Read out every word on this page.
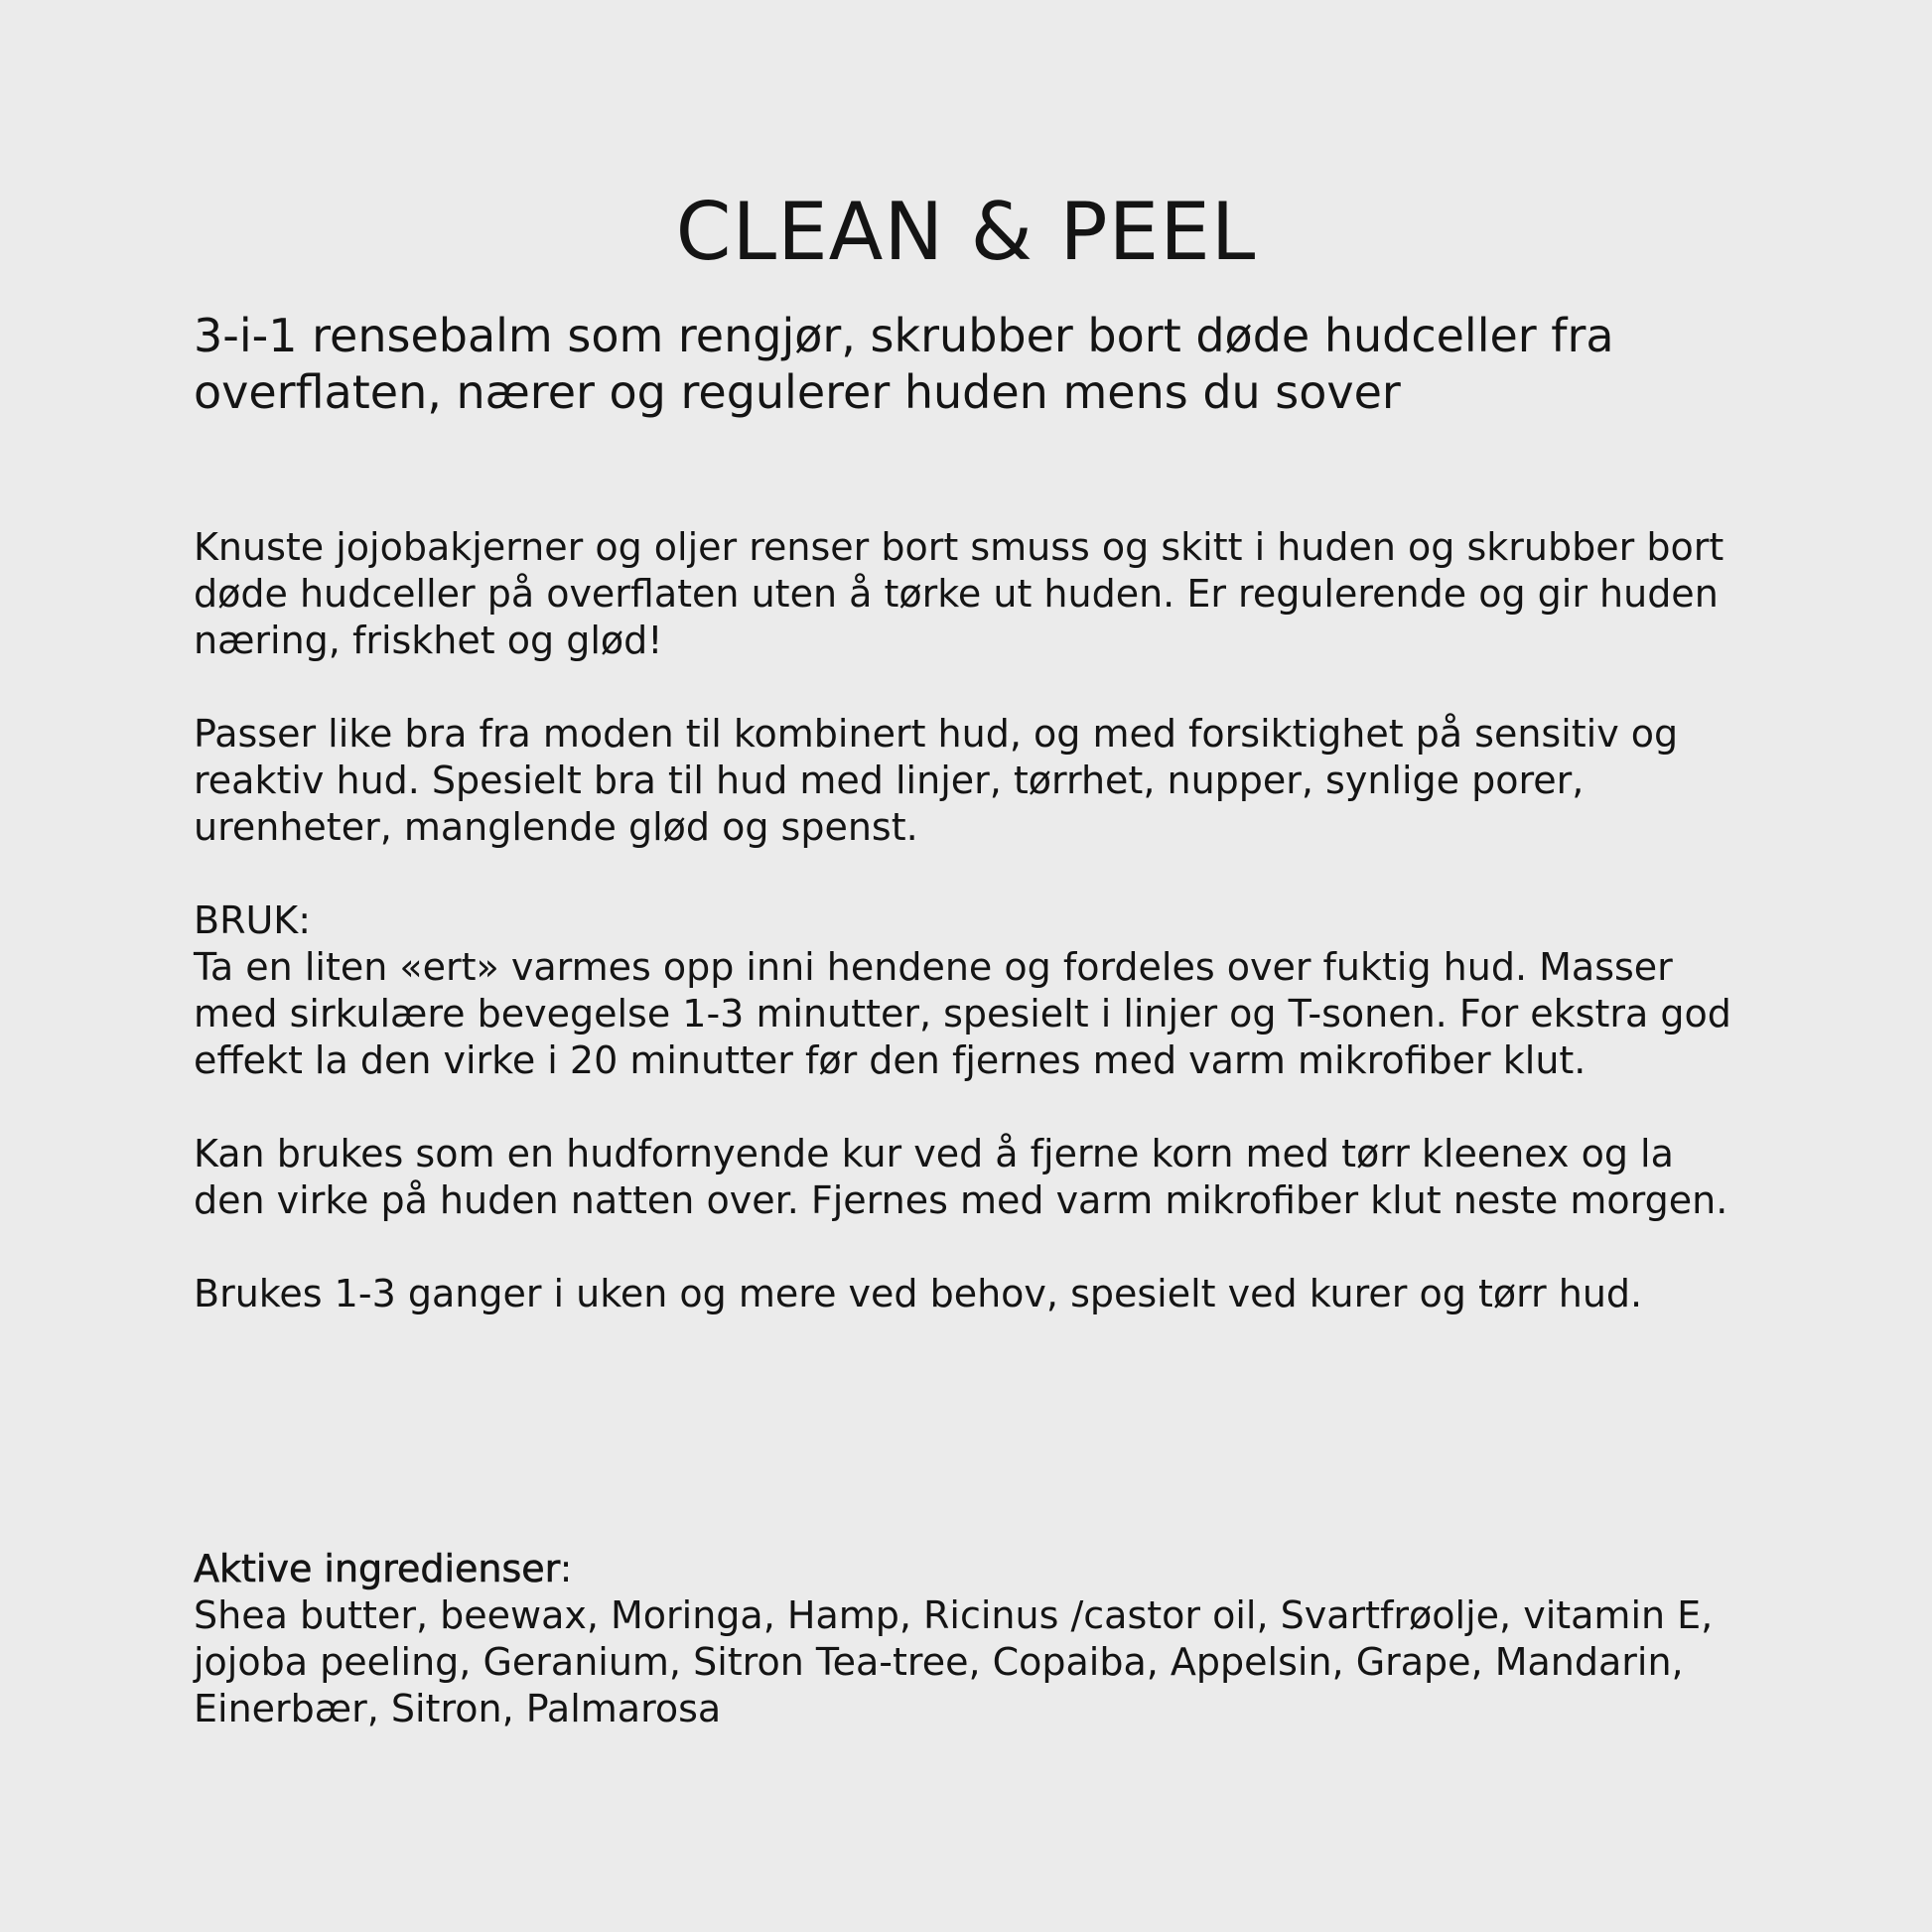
CLEAN & PEEL
3-i-1 rensebalm som rengjør, skrubber bort døde hudceller fra overflaten, nærer og regulerer huden mens du sover

Knuste jojobakjerner og oljer renser bort smuss og skitt i huden og skrubber bort døde hudceller på overflaten uten å tørke ut huden. Er regulerende og gir huden næring, friskhet og glød!

Passer like bra fra moden til kombinert hud, og med forsiktighet på sensitiv og reaktiv hud. Spesielt bra til hud med linjer, tørrhet, nupper, synlige porer, urenheter, manglende glød og spenst.

BRUK:

Ta en liten «ert» varmes opp inni hendene og fordeles over fuktig hud. Masser med sirkulære bevegelse 1-3 minutter, spesielt i linjer og T-sonen. For ekstra god effekt la den virke i 20 minutter før den fjernes med varm mikrofiber klut.

Kan brukes som en hudfornyende kur ved å fjerne korn med tørr kleenex og la den virke på huden natten over. Fjernes med varm mikrofiber klut neste morgen.

Brukes 1-3 ganger i uken og mere ved behov, spesielt ved kurer og tørr hud.

Aktive ingredienser:
Shea butter, beewax, Moringa, Hamp, Ricinus /castor oil, Svartfrøolje, vitamin E, jojoba peeling, Geranium, Sitron Tea-tree, Copaiba, Appelsin, Grape, Mandarin, Einerbær, Sitron, Palmarosa
